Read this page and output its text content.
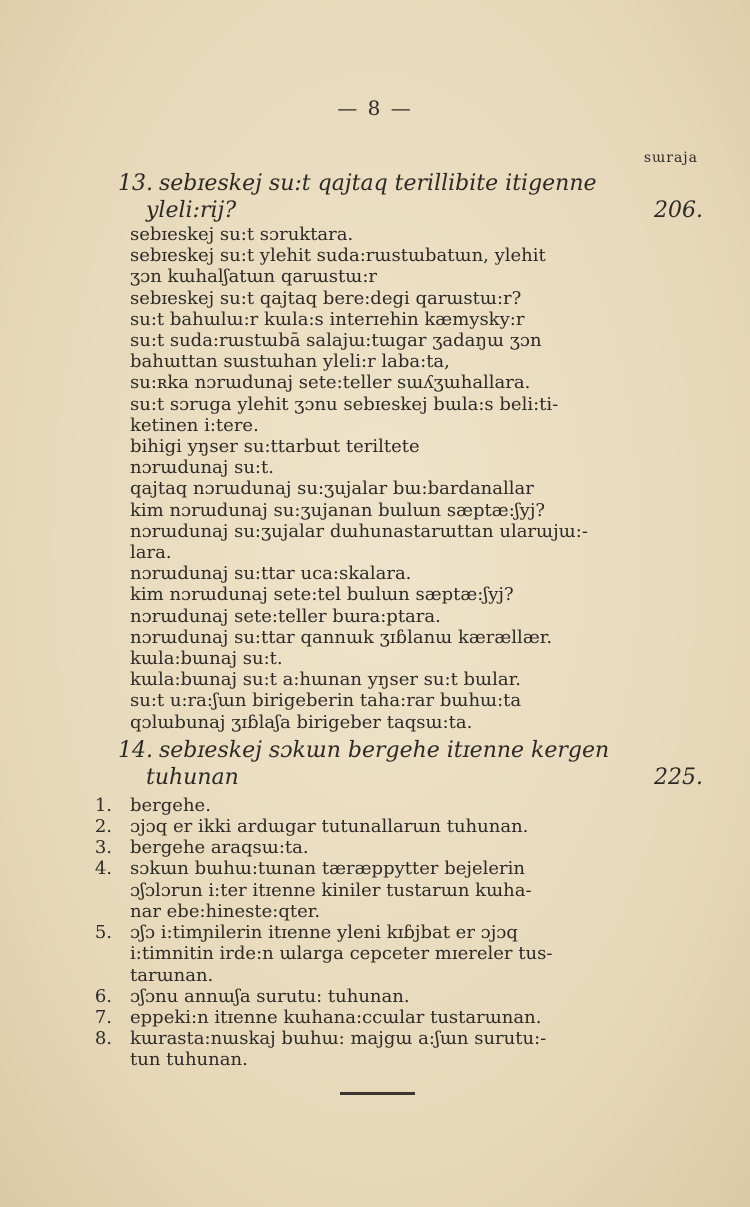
— 8 —
sɯraja
13. sebɪeskej su:t qajtaq terillibite itigenne
yleli:rij?	206.

sebɪeskej su:t sɔruktara.

sebɪeskej su:t ylehit suda:rɯstɯbatɯn, ylehit

ʒɔn kɯhalʃatɯn qarɯstɯ:r

sebɪeskej su:t qajtaq bere:degi qarɯstɯ:r?

su:t bahɯlɯ:r kɯla:s interɪehin kæmysky:r

su:t suda:rɯstɯbā salajɯ:tɯgar ʒadaŋɯ ʒɔn

bahɯttan sɯstɯhan yleli:r laba:ta,

su:ʀka nɔrɯdunaj sete:teller sɯʎʒɯhallara.

su:t sɔruga ylehit ʒɔnu sebɪeskej bɯla:s beli:ti-

ketinen i:tere.

bihigi yŋser su:ttarbɯt teriltete

nɔrɯdunaj su:t.

qajtaq nɔrɯdunaj su:ʒujalar bɯ:bardanallar

kim nɔrɯdunaj su:ʒujanan bɯlɯn sæptæ:ʃyj?

nɔrɯdunaj su:ʒujalar dɯhunastarɯttan ularɯjɯ:-

lara.

nɔrɯdunaj su:ttar uca:skalara.

kim nɔrɯdunaj sete:tel bɯlɯn sæptæ:ʃyj?

nɔrɯdunaj sete:teller bɯra:ptara.

nɔrɯdunaj su:ttar qannɯk ʒɪɓlanɯ kærællær.

kɯla:bɯnaj su:t.

kɯla:bɯnaj su:t a:hɯnan yŋser su:t bɯlar.

su:t u:ra:ʃɯn birigeberin taha:rar bɯhɯ:ta

qɔlɯbunaj ʒɪɓlaʃa birigeber taqsɯ:ta.

14. sebɪeskej sɔkɯn bergehe itɪenne kergen
tuhunan	225.
1. bergehe.
2. ɔjɔq er ikki ardɯgar tutunallarɯn tuhunan.
3. bergehe araqsɯ:ta.
4. sɔkɯn bɯhɯ:tɯnan tæræppytter bejelerin
ɔʃɔlɔrun i:ter itɪenne kiniler tustarɯn kɯha-
nar ebe:hineste:qter.
5. ɔʃɔ i:timɲilerin itɪenne yleni kɪɓjbat er ɔjɔq
i:timnitin irde:n ɯlarga cepceter mɪereler tus-
tarɯnan.
6. ɔʃɔnu annɯʃa surutu: tuhunan.
7. eppeki:n itɪenne kɯhana:ccɯlar tustarɯnan.
8. kɯrasta:nɯskaj bɯhɯ: majgɯ a:ʃɯn surutu:-
tun tuhunan.
